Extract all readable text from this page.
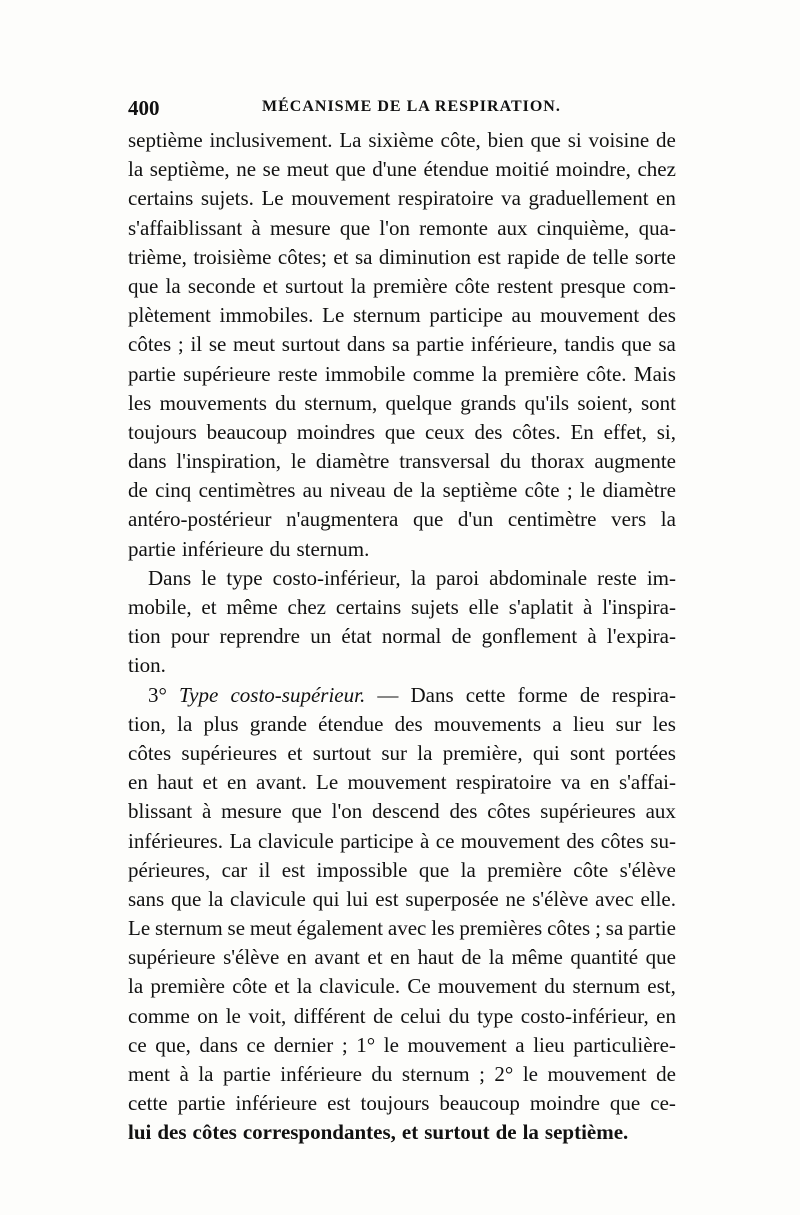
400	MÉCANISME DE LA RESPIRATION.
septième inclusivement. La sixième côte, bien que si voisine de
la septième, ne se meut que d'une étendue moitié moindre, chez
certains sujets. Le mouvement respiratoire va graduellement en
s'affaiblissant à mesure que l'on remonte aux cinquième, qua-
trième, troisième côtes; et sa diminution est rapide de telle sorte
que la seconde et surtout la première côte restent presque com-
plètement immobiles. Le sternum participe au mouvement des
côtes ; il se meut surtout dans sa partie inférieure, tandis que sa
partie supérieure reste immobile comme la première côte. Mais
les mouvements du sternum, quelque grands qu'ils soient, sont
toujours beaucoup moindres que ceux des côtes. En effet, si,
dans l'inspiration, le diamètre transversal du thorax augmente
de cinq centimètres au niveau de la septième côte ; le diamètre
antéro-postérieur n'augmentera que d'un centimètre vers la
partie inférieure du sternum.
Dans le type costo-inférieur, la paroi abdominale reste im-
mobile, et même chez certains sujets elle s'aplatit à l'inspira-
tion pour reprendre un état normal de gonflement à l'expira-
tion.
3° Type costo-supérieur. — Dans cette forme de respira-
tion, la plus grande étendue des mouvements a lieu sur les
côtes supérieures et surtout sur la première, qui sont portées
en haut et en avant. Le mouvement respiratoire va en s'affai-
blissant à mesure que l'on descend des côtes supérieures aux
inférieures. La clavicule participe à ce mouvement des côtes su-
périeures, car il est impossible que la première côte s'élève
sans que la clavicule qui lui est superposée ne s'élève avec elle.
Le sternum se meut également avec les premières côtes ; sa partie
supérieure s'élève en avant et en haut de la même quantité que
la première côte et la clavicule. Ce mouvement du sternum est,
comme on le voit, différent de celui du type costo-inférieur, en
ce que, dans ce dernier ; 1° le mouvement a lieu particulière-
ment à la partie inférieure du sternum ; 2° le mouvement de
cette partie inférieure est toujours beaucoup moindre que ce-
lui des côtes correspondantes, et surtout de la septième.
